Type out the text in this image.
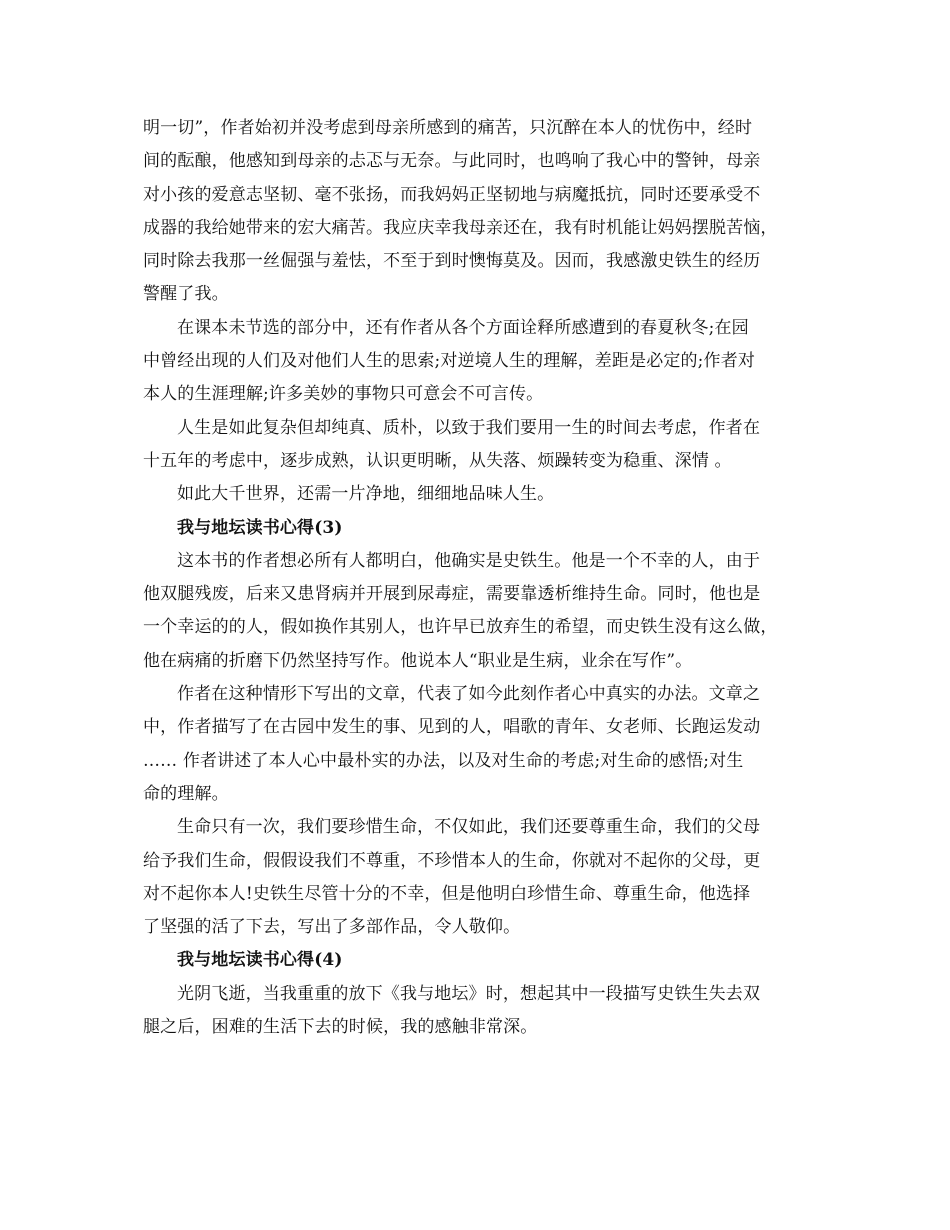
明一切”，作者始初并没考虑到母亲所感到的痛苦，只沉醉在本人的忧伤中，经时
间的酝酿，他感知到母亲的忐忑与无奈。与此同时，也鸣响了我心中的警钟，母亲
对小孩的爱意志坚韧、毫不张扬，而我妈妈正坚韧地与病魔抵抗，同时还要承受不
成器的我给她带来的宏大痛苦。我应庆幸我母亲还在，我有时机能让妈妈摆脱苦恼，
同时除去我那一丝倔强与羞怯，不至于到时懊悔莫及。因而，我感激史铁生的经历
警醒了我。

在课本未节选的部分中，还有作者从各个方面诠释所感遭到的春夏秋冬;在园
中曾经出现的人们及对他们人生的思索;对逆境人生的理解，差距是必定的;作者对
本人的生涯理解;许多美妙的事物只可意会不可言传。

人生是如此复杂但却纯真、质朴，以致于我们要用一生的时间去考虑，作者在
十五年的考虑中，逐步成熟，认识更明晰，从失落、烦躁转变为稳重、深情 。

如此大千世界，还需一片净地，细细地品味人生。

我与地坛读书心得(3)

这本书的作者想必所有人都明白，他确实是史铁生。他是一个不幸的人，由于
他双腿残废，后来又患肾病并开展到尿毒症，需要靠透析维持生命。同时，他也是
一个幸运的的人，假如换作其别人，也许早已放弃生的希望，而史铁生没有这么做，
他在病痛的折磨下仍然坚持写作。他说本人“职业是生病，业余在写作”。

作者在这种情形下写出的文章，代表了如今此刻作者心中真实的办法。文章之
中，作者描写了在古园中发生的事、见到的人，唱歌的青年、女老师、长跑运发动
…… 作者讲述了本人心中最朴实的办法，以及对生命的考虑;对生命的感悟;对生
命的理解。

生命只有一次，我们要珍惜生命，不仅如此，我们还要尊重生命，我们的父母
给予我们生命，假假设我们不尊重，不珍惜本人的生命，你就对不起你的父母，更
对不起你本人!史铁生尽管十分的不幸，但是他明白珍惜生命、尊重生命，他选择
了坚强的活了下去，写出了多部作品，令人敬仰。

我与地坛读书心得(4)

光阴飞逝，当我重重的放下《我与地坛》时，想起其中一段描写史铁生失去双
腿之后，困难的生活下去的时候，我的感触非常深。
